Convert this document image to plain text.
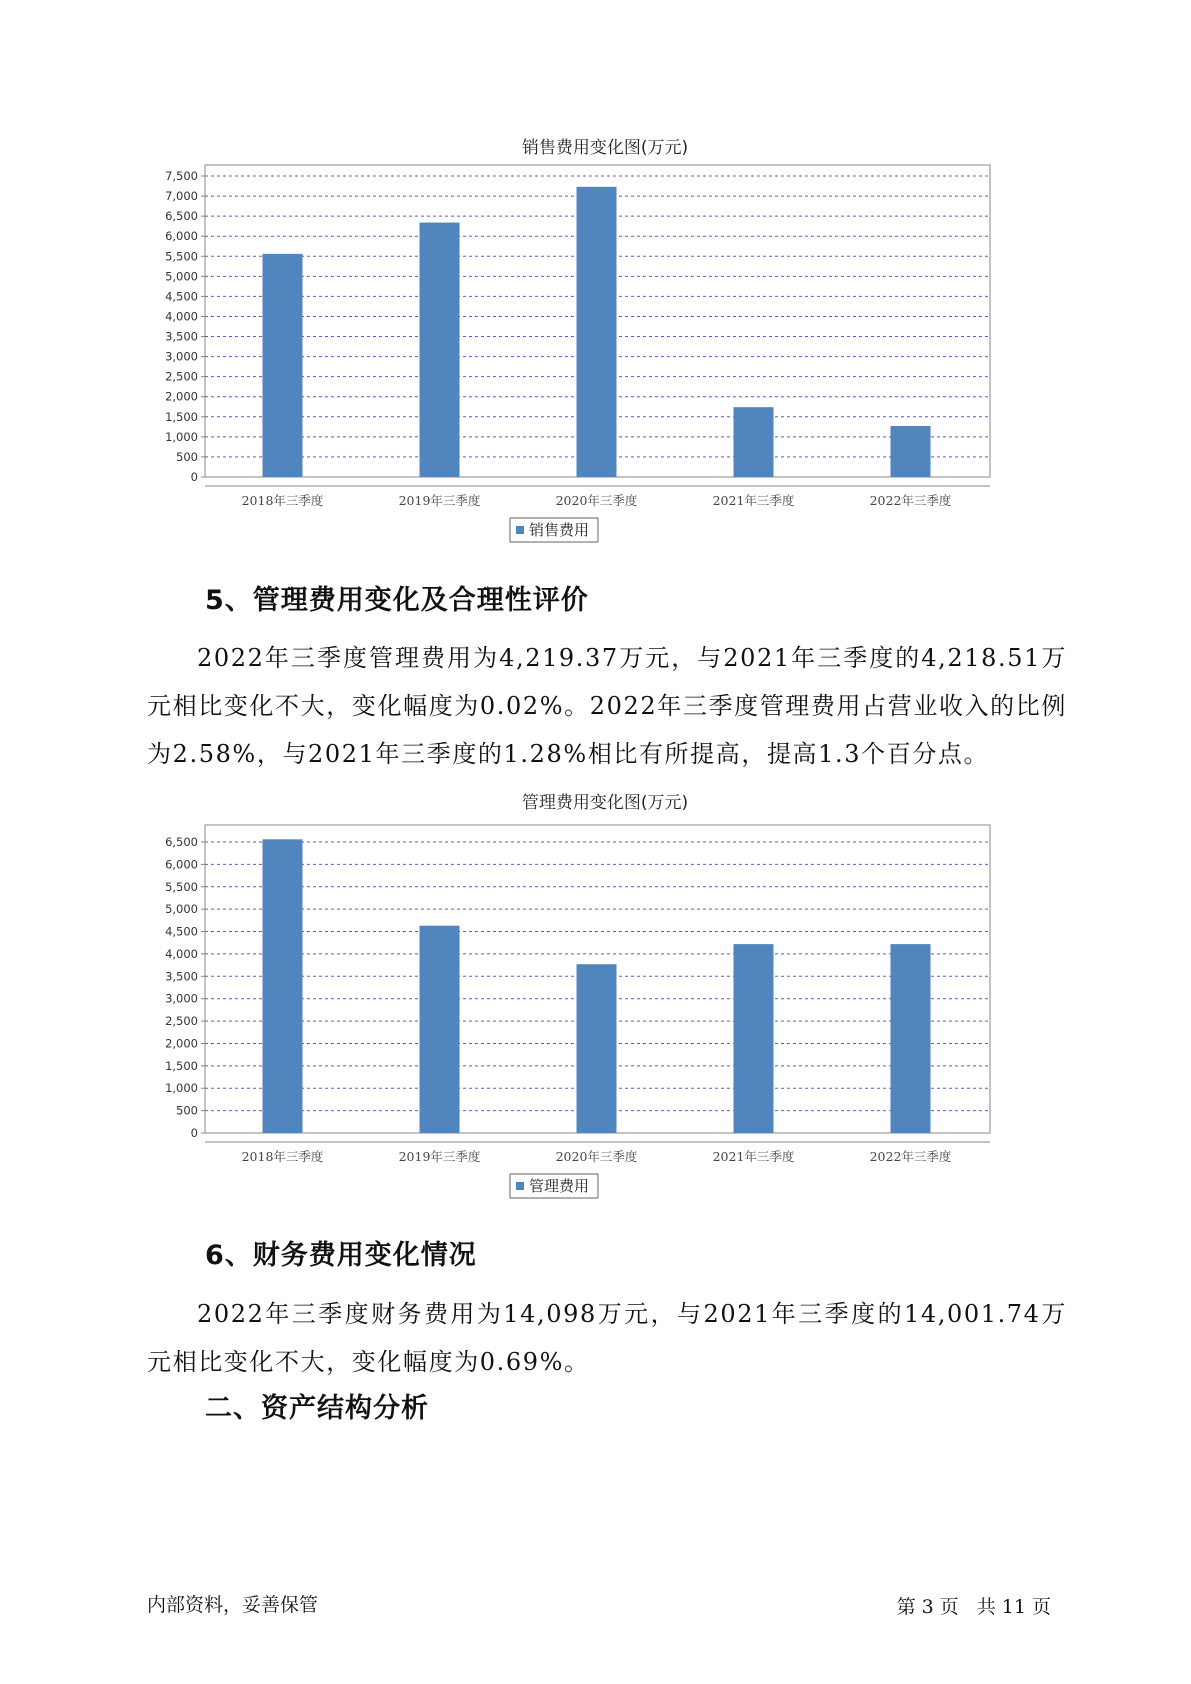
销售费用变化图(万元)
0
500
1,000
1,500
2,000
2,500
3,000
3,500
4,000
4,500
5,000
5,500
6,000
6,500
7,000
7,500
2018年三季度	2019年三季度	2020年三季度	2021年三季度	2022年三季度
销售费用
5、管理费用变化及合理性评价
2022年三季度管理费用为4,219.37万元，与2021年三季度的4,218.51万元相比变化不大，变化幅度为0.02%。2022年三季度管理费用占营业收入的比例为2.58%，与2021年三季度的1.28%相比有所提高，提高1.3个百分点。
管理费用变化图(万元)
0
500
1,000
1,500
2,000
2,500
3,000
3,500
4,000
4,500
5,000
5,500
6,000
6,500
2018年三季度	2019年三季度	2020年三季度	2021年三季度	2022年三季度
管理费用
6、财务费用变化情况
2022年三季度财务费用为14,098万元，与2021年三季度的14,001.74万元相比变化不大，变化幅度为0.69%。
二、资产结构分析
内部资料，妥善保管	第 3 页 共 11 页
